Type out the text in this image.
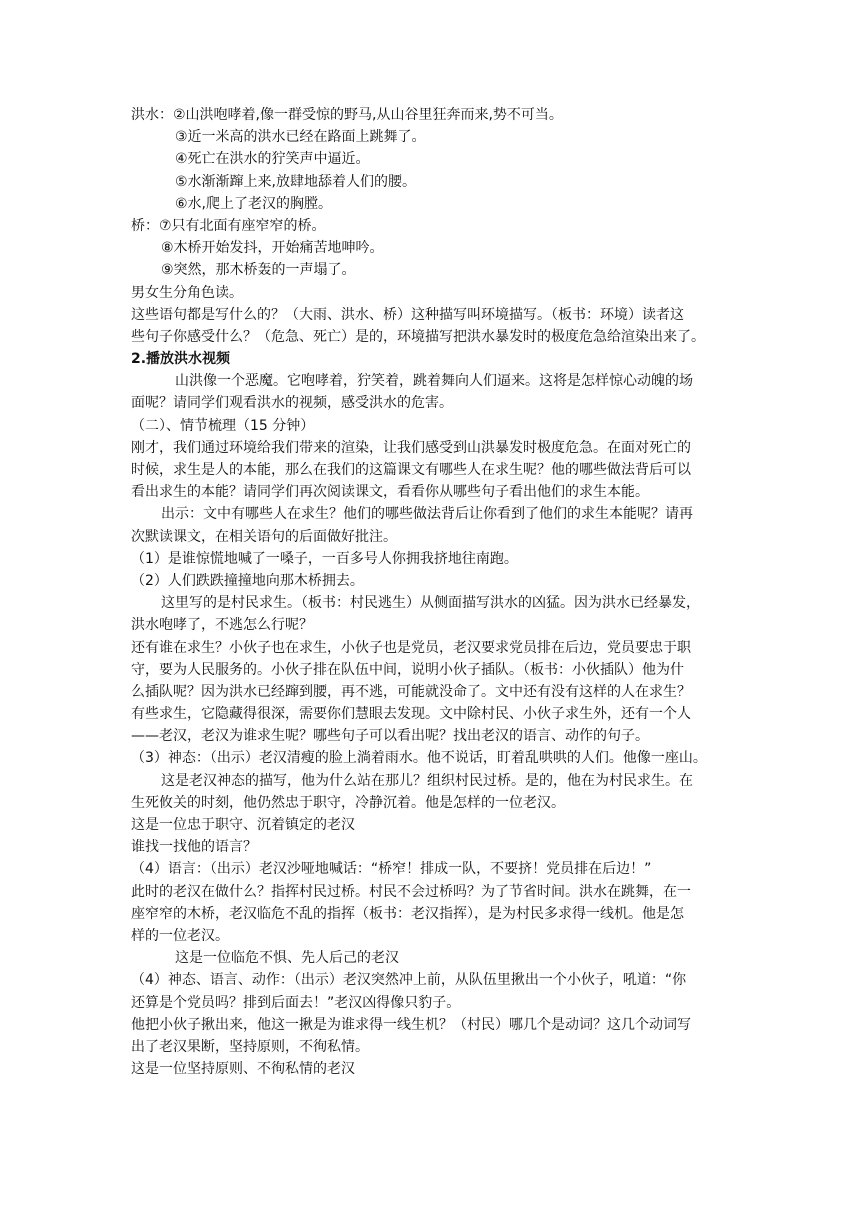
洪水：②山洪咆哮着,像一群受惊的野马,从山谷里狂奔而来,势不可当。
③近一米高的洪水已经在路面上跳舞了。
④死亡在洪水的狞笑声中逼近。
⑤水渐渐蹿上来,放肆地舔着人们的腰。
⑥水,爬上了老汉的胸膛。
桥：⑦只有北面有座窄窄的桥。
⑧木桥开始发抖，开始痛苦地呻吟。
⑨突然，那木桥轰的一声塌了。
男女生分角色读。
这些语句都是写什么的？（大雨、洪水、桥）这种描写叫环境描写。（板书：环境）读者这
些句子你感受什么？（危急、死亡）是的，环境描写把洪水暴发时的极度危急给渲染出来了。
2.播放洪水视频
山洪像一个恶魔。它咆哮着，狞笑着，跳着舞向人们逼来。这将是怎样惊心动魄的场
面呢？请同学们观看洪水的视频，感受洪水的危害。
（二）、情节梳理（15 分钟）
刚才，我们通过环境给我们带来的渲染，让我们感受到山洪暴发时极度危急。在面对死亡的
时候，求生是人的本能，那么在我们的这篇课文有哪些人在求生呢？他的哪些做法背后可以
看出求生的本能？请同学们再次阅读课文，看看你从哪些句子看出他们的求生本能。
出示：文中有哪些人在求生？他们的哪些做法背后让你看到了他们的求生本能呢？请再
次默读课文，在相关语句的后面做好批注。
（1）是谁惊慌地喊了一嗓子，一百多号人你拥我挤地往南跑。
（2）人们跌跌撞撞地向那木桥拥去。
这里写的是村民求生。（板书：村民逃生）从侧面描写洪水的凶猛。因为洪水已经暴发，
洪水咆哮了，不逃怎么行呢？
还有谁在求生？小伙子也在求生，小伙子也是党员，老汉要求党员排在后边，党员要忠于职
守，要为人民服务的。小伙子排在队伍中间，说明小伙子插队。（板书：小伙插队）他为什
么插队呢？因为洪水已经蹿到腰，再不逃，可能就没命了。文中还有没有这样的人在求生？
有些求生，它隐藏得很深，需要你们慧眼去发现。文中除村民、小伙子求生外，还有一个人
——老汉，老汉为谁求生呢？哪些句子可以看出呢？找出老汉的语言、动作的句子。
（3）神态：（出示）老汉清瘦的脸上淌着雨水。他不说话，盯着乱哄哄的人们。他像一座山。
这是老汉神态的描写，他为什么站在那儿？组织村民过桥。是的，他在为村民求生。在
生死攸关的时刻，他仍然忠于职守，冷静沉着。他是怎样的一位老汉。
这是一位忠于职守、沉着镇定的老汉
谁找一找他的语言？
（4）语言：（出示）老汉沙哑地喊话：“桥窄！排成一队，不要挤！党员排在后边！”
此时的老汉在做什么？指挥村民过桥。村民不会过桥吗？为了节省时间。洪水在跳舞，在一
座窄窄的木桥，老汉临危不乱的指挥（板书：老汉指挥），是为村民多求得一线机。他是怎
样的一位老汉。
这是一位临危不惧、先人后己的老汉
（4）神态、语言、动作：（出示）老汉突然冲上前，从队伍里揪出一个小伙子，吼道：“你
还算是个党员吗？排到后面去！”老汉凶得像只豹子。
他把小伙子揪出来，他这一揪是为谁求得一线生机？（村民）哪几个是动词？这几个动词写
出了老汉果断，坚持原则，不徇私情。
这是一位坚持原则、不徇私情的老汉
